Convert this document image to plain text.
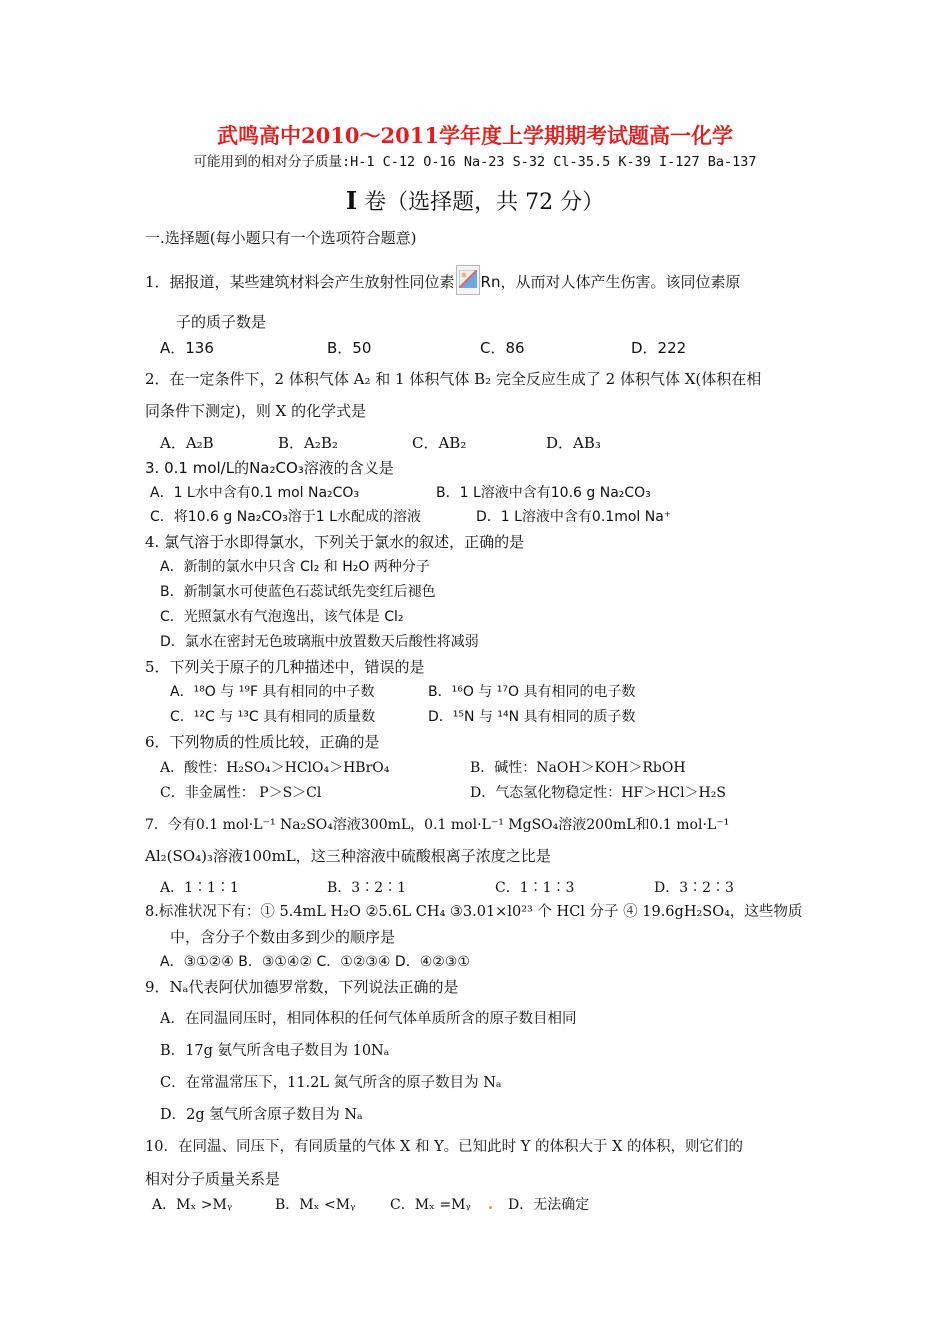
武鸣高中2010～2011学年度上学期期考试题高一化学
可能用到的相对分子质量:H-1 C-12 O-16 Na-23 S-32 Cl-35.5 K-39 I-127 Ba-137
I 卷（选择题，共 72 分）
一.选择题(每小题只有一个选项符合题意)
1．据报道，某些建筑材料会产生放射性同位素 Rn，从而对人体产生伤害。该同位素原
子的质子数是
A．136	B．50	C．86	D．222
2．在一定条件下，2 体积气体 A₂ 和 1 体积气体 B₂ 完全反应生成了 2 体积气体 X(体积在相
同条件下测定)，则 X 的化学式是
A．A₂B	B．A₂B₂	C．AB₂	D．AB₃
3. 0.1 mol/L的Na₂CO₃溶液的含义是
A．1 L水中含有0.1 mol Na₂CO₃	B．1 L溶液中含有10.6 g Na₂CO₃
C．将10.6 g Na₂CO₃溶于1 L水配成的溶液	D．1 L溶液中含有0.1mol Na⁺
4. 氯气溶于水即得氯水，下列关于氯水的叙述，正确的是
A．新制的氯水中只含 Cl₂ 和 H₂O 两种分子
B．新制氯水可使蓝色石蕊试纸先变红后褪色
C．光照氯水有气泡逸出，该气体是 Cl₂
D．氯水在密封无色玻璃瓶中放置数天后酸性将减弱
5．下列关于原子的几种描述中，错误的是
A．¹⁸O 与 ¹⁹F 具有相同的中子数	B．¹⁶O 与 ¹⁷O 具有相同的电子数
C．¹²C 与 ¹³C 具有相同的质量数	D．¹⁵N 与 ¹⁴N 具有相同的质子数
6．下列物质的性质比较，正确的是
A．酸性：H₂SO₄＞HClO₄＞HBrO₄	B．碱性：NaOH＞KOH＞RbOH
C．非金属性： P＞S＞Cl	D．气态氢化物稳定性：HF＞HCl＞H₂S
7．今有0.1 mol·L⁻¹ Na₂SO₄溶液300mL，0.1 mol·L⁻¹ MgSO₄溶液200mL和0.1 mol·L⁻¹
Al₂(SO₄)₃溶液100mL，这三种溶液中硫酸根离子浓度之比是
A．1∶1∶1	B．3∶2∶1	C．1∶1∶3	D．3∶2∶3
8.标准状况下有：① 5.4mL H₂O ②5.6L CH₄ ③3.01×l0²³ 个 HCl 分子 ④ 19.6gH₂SO₄，这些物质
中，含分子个数由多到少的顺序是
A．③①②④ B．③①④② C．①②③④ D．④②③①
9．Nₐ代表阿伏加德罗常数，下列说法正确的是
A．在同温同压时，相同体积的任何气体单质所含的原子数目相同
B．17g 氨气所含电子数目为 10Nₐ
C．在常温常压下，11.2L 氮气所含的原子数目为 Nₐ
D．2g 氢气所含原子数目为 Nₐ
10．在同温、同压下，有同质量的气体 X 和 Y。已知此时 Y 的体积大于 X 的体积，则它们的
相对分子质量关系是
A．Mₓ >Mᵧ	B．Mₓ <Mᵧ C．Mₓ =Mᵧ	D．无法确定
